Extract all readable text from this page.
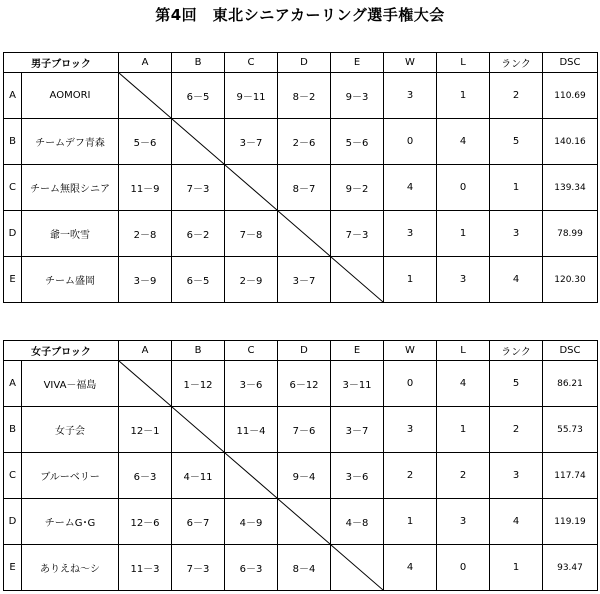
第4回　東北シニアカーリング選手権大会
男子ブロック		A	B	C	D	E	W	L	ランク	DSC
A	AOMORI		6－5	9－11	8－2	9－3	3	1	2	110.69
B	チームデフ青森	5－6		3－7	2－6	5－6	0	4	5	140.16
C	チーム無限シニア	11－9	7－3		8－7	9－2	4	0	1	139.34
D	爺一吹雪	2－8	6－2	7－8		7－3	3	1	3	78.99
E	チーム盛岡	3－9	6－5	2－9	3－7		1	3	4	120.30
女子ブロック		A	B	C	D	E	W	L	ランク	DSC
A	VIVA－福島		1－12	3－6	6－12	3－11	0	4	5	86.21
B	女子会	12－1		11－4	7－6	3－7	3	1	2	55.73
C	ブルーベリー	6－3	4－11		9－4	3－6	2	2	3	117.74
D	チームG･G	12－6	6－7	4－9		4－8	1	3	4	119.19
E	ありえね～シ	11－3	7－3	6－3	8－4		4	0	1	93.47
